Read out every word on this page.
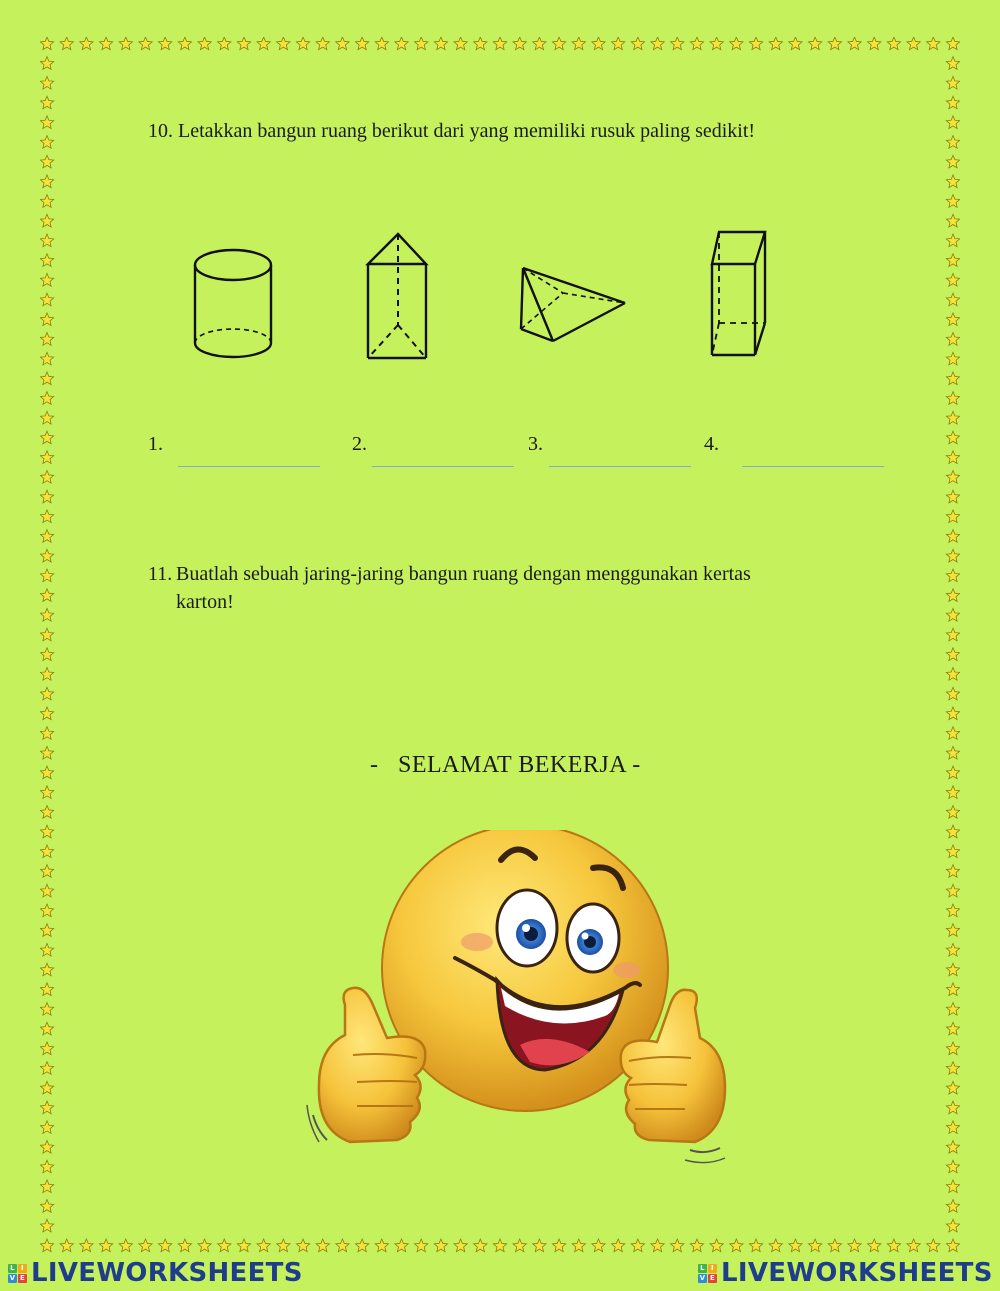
10. Letakkan bangun ruang berikut dari yang memiliki rusuk paling sedikit!
1.	2.	3.	4.
11. Buatlah sebuah jaring-jaring bangun ruang dengan menggunakan kertas
karton!
-   SELAMAT BEKERJA -
L I
V E LIVEWORKSHEETS	L I
V E LIVEWORKSHEETS
